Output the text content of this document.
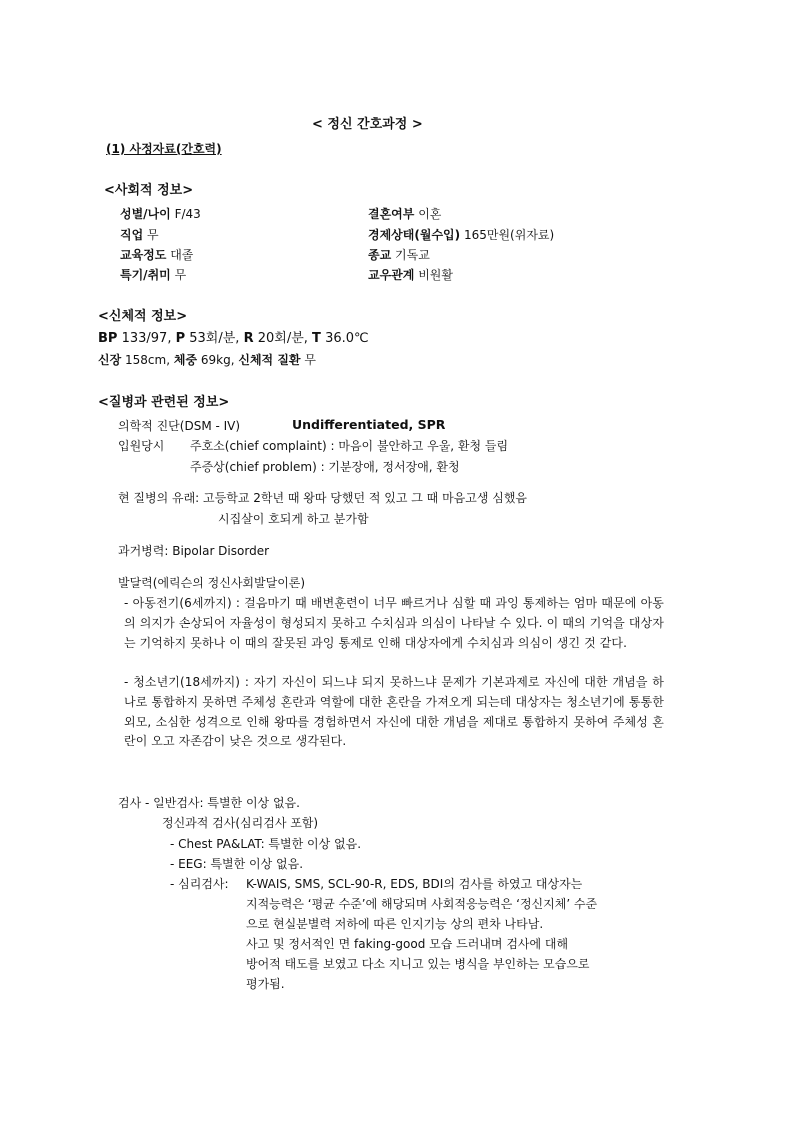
< 정신 간호과정 >
(1) 사정자료(간호력)
<사회적 정보>
성별/나이 F/43	결혼여부 이혼
직업 무	경제상태(월수입) 165만원(위자료)
교육정도 대졸	종교 기독교
특기/취미 무	교우관계 비원활
<신체적 정보>
BP 133/97, P 53회/분, R 20회/분, T 36.0℃
신장 158cm, 체중 69kg, 신체적 질환 무
<질병과 관련된 정보>
의학적 진단(DSM - IV)	Undifferentiated, SPR
입원당시 주호소(chief complaint) : 마음이 불안하고 우울, 환청 들림
주증상(chief problem) : 기분장애, 정서장애, 환청
현 질병의 유래: 고등학교 2학년 때 왕따 당했던 적 있고 그 때 마음고생 심했음
시집살이 호되게 하고 분가함
과거병력: Bipolar Disorder
발달력(에릭슨의 정신사회발달이론)
- 아동전기(6세까지) : 걸음마기 때 배변훈련이 너무 빠르거나 심할 때 과잉 통제하는 엄마 때문에 아동의 의지가 손상되어 자율성이 형성되지 못하고 수치심과 의심이 나타날 수 있다. 이 때의 기억을 대상자는 기억하지 못하나 이 때의 잘못된 과잉 통제로 인해 대상자에게 수치심과 의심이 생긴 것 같다.
- 청소년기(18세까지) : 자기 자신이 되느냐 되지 못하느냐 문제가 기본과제로 자신에 대한 개념을 하나로 통합하지 못하면 주체성 혼란과 역할에 대한 혼란을 가져오게 되는데 대상자는 청소년기에 통통한 외모, 소심한 성격으로 인해 왕따를 경험하면서 자신에 대한 개념을 제대로 통합하지 못하여 주체성 혼란이 오고 자존감이 낮은 것으로 생각된다.
검사 - 일반검사: 특별한 이상 없음.
정신과적 검사(심리검사 포함)
- Chest PA&LAT: 특별한 이상 없음.
- EEG: 특별한 이상 없음.
- 심리검사: K-WAIS, SMS, SCL-90-R, EDS, BDI의 검사를 하였고 대상자는
지적능력은 ‘평균 수준’에 해당되며 사회적응능력은 ‘정신지체’ 수준
으로 현실분별력 저하에 따른 인지기능 상의 편차 나타남.
사고 및 정서적인 면 faking-good 모습 드러내며 검사에 대해
방어적 태도를 보였고 다소 지니고 있는 병식을 부인하는 모습으로
평가됨.
